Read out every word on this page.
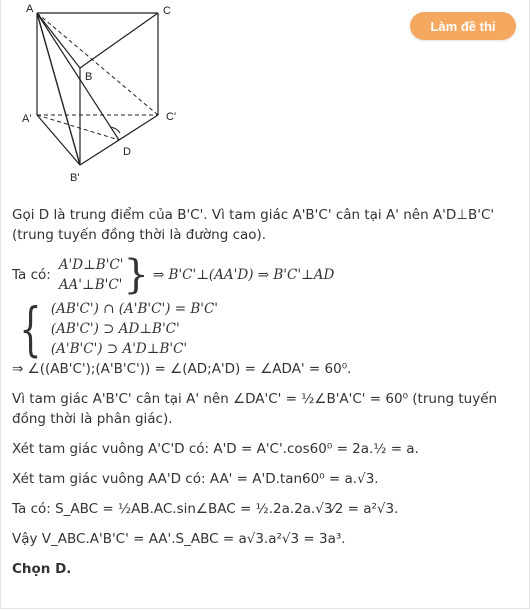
A	C
B
A'	C'
D
B'
Làm đề thi

Gọi D là trung điểm của B'C'. Vì tam giác A'B'C' cân tại A' nên A'D⊥B'C' (trung tuyến đồng thời là đường cao).

Ta có:
A'D⊥B'C'
AA'⊥B'C' } ⇒ B'C'⊥(AA'D) ⇒ B'C'⊥AD
{ (AB'C') ∩ (A'B'C') = B'C'
(AB'C') ⊃ AD⊥B'C'
(A'B'C') ⊃ A'D⊥B'C'

⇒ ∠((AB'C');(A'B'C')) = ∠(AD;A'D) = ∠ADA' = 60⁰.

Vì tam giác A'B'C' cân tại A' nên ∠DA'C' = ½∠B'A'C' = 60⁰ (trung tuyến đồng thời là phân giác).

Xét tam giác vuông A'C'D có: A'D = A'C'.cos60⁰ = 2a.½ = a.

Xét tam giác vuông AA'D có: AA' = A'D.tan60⁰ = a.√3.

Ta có: S_ABC = ½AB.AC.sin∠BAC = ½.2a.2a.√3⁄2 = a²√3.

Vậy V_ABC.A'B'C' = AA'.S_ABC = a√3.a²√3 = 3a³.

Chọn D.
